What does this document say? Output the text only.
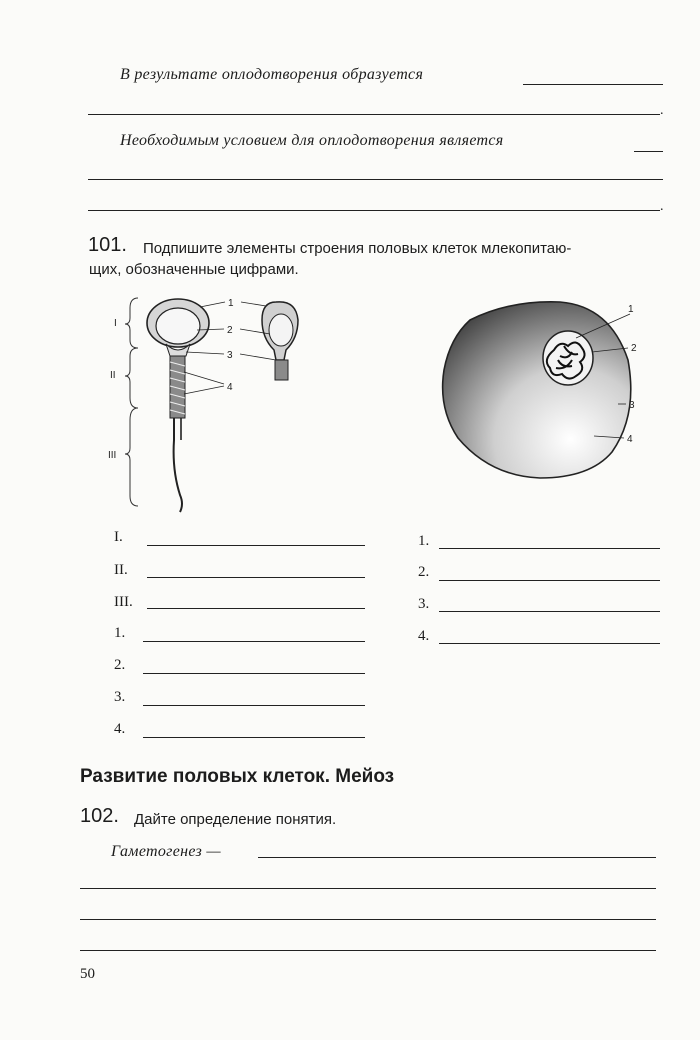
В результате оплодотворения образуется
.
Необходимым условием для оплодотворения является
.
101. Подпишите элементы строения половых клеток млекопитаю-
щих, обозначенные цифрами.
I
II
III
1
2
3
4
1
2
3
4
I.
II.
III.
1.
2.
3.
4.
1.
2.
3.
4.
Развитие половых клеток. Мейоз
102. Дайте определение понятия.
Гаметогенез —
50
